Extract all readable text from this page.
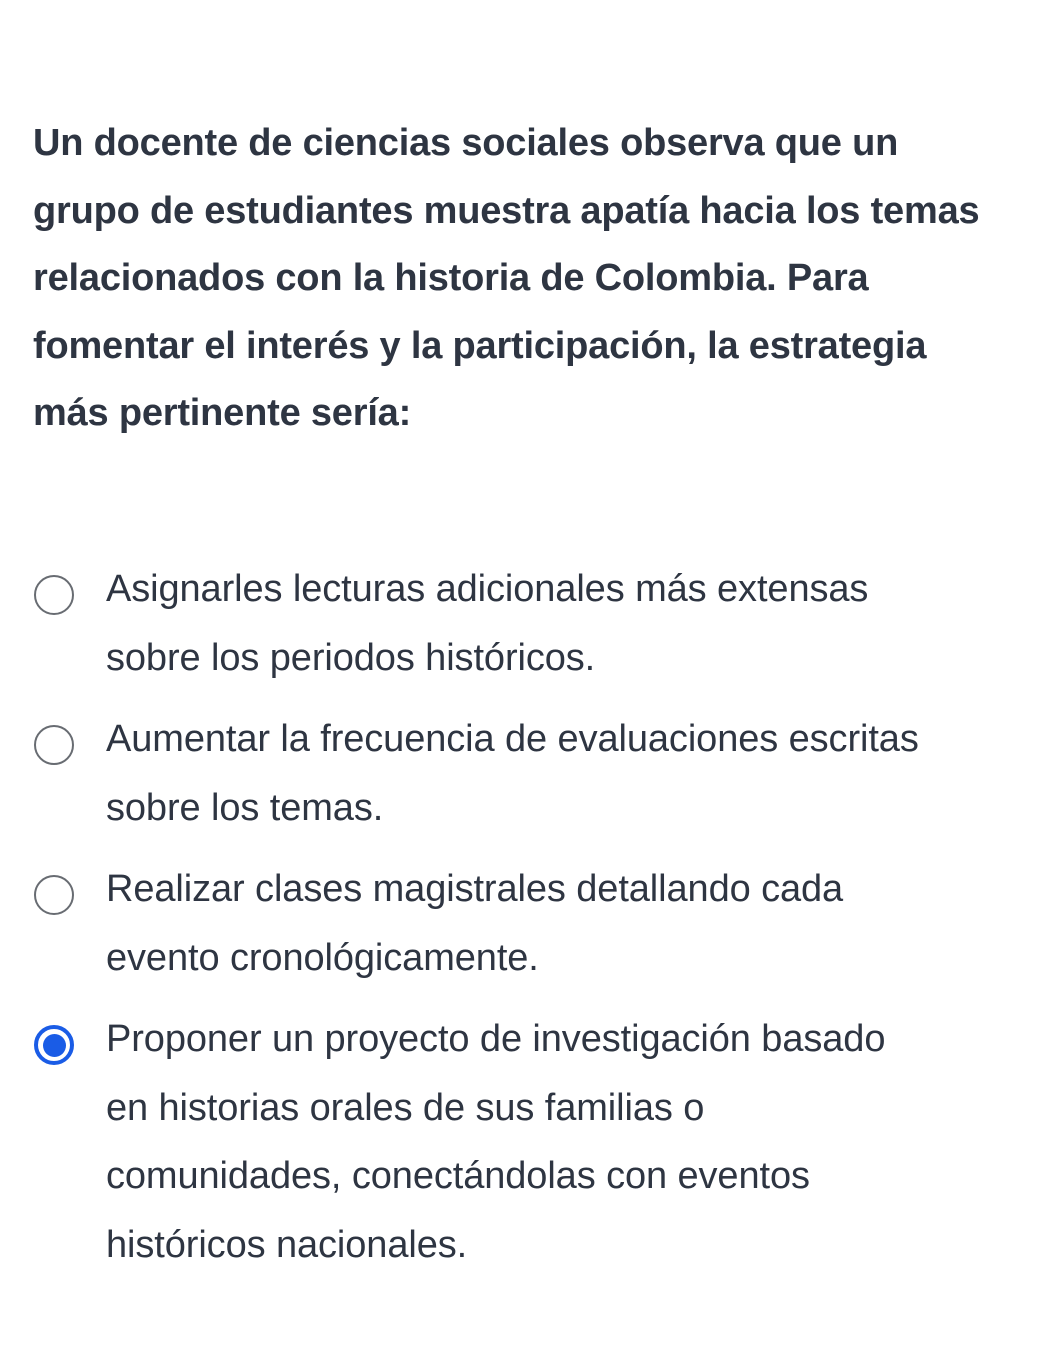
Un docente de ciencias sociales observa que un grupo de estudiantes muestra apatía hacia los temas relacionados con la historia de Colombia. Para fomentar el interés y la participación, la estrategia más pertinente sería:

Asignarles lecturas adicionales más extensas sobre los periodos históricos.
Aumentar la frecuencia de evaluaciones escritas sobre los temas.
Realizar clases magistrales detallando cada evento cronológicamente.
Proponer un proyecto de investigación basado en historias orales de sus familias o comunidades, conectándolas con eventos históricos nacionales.
